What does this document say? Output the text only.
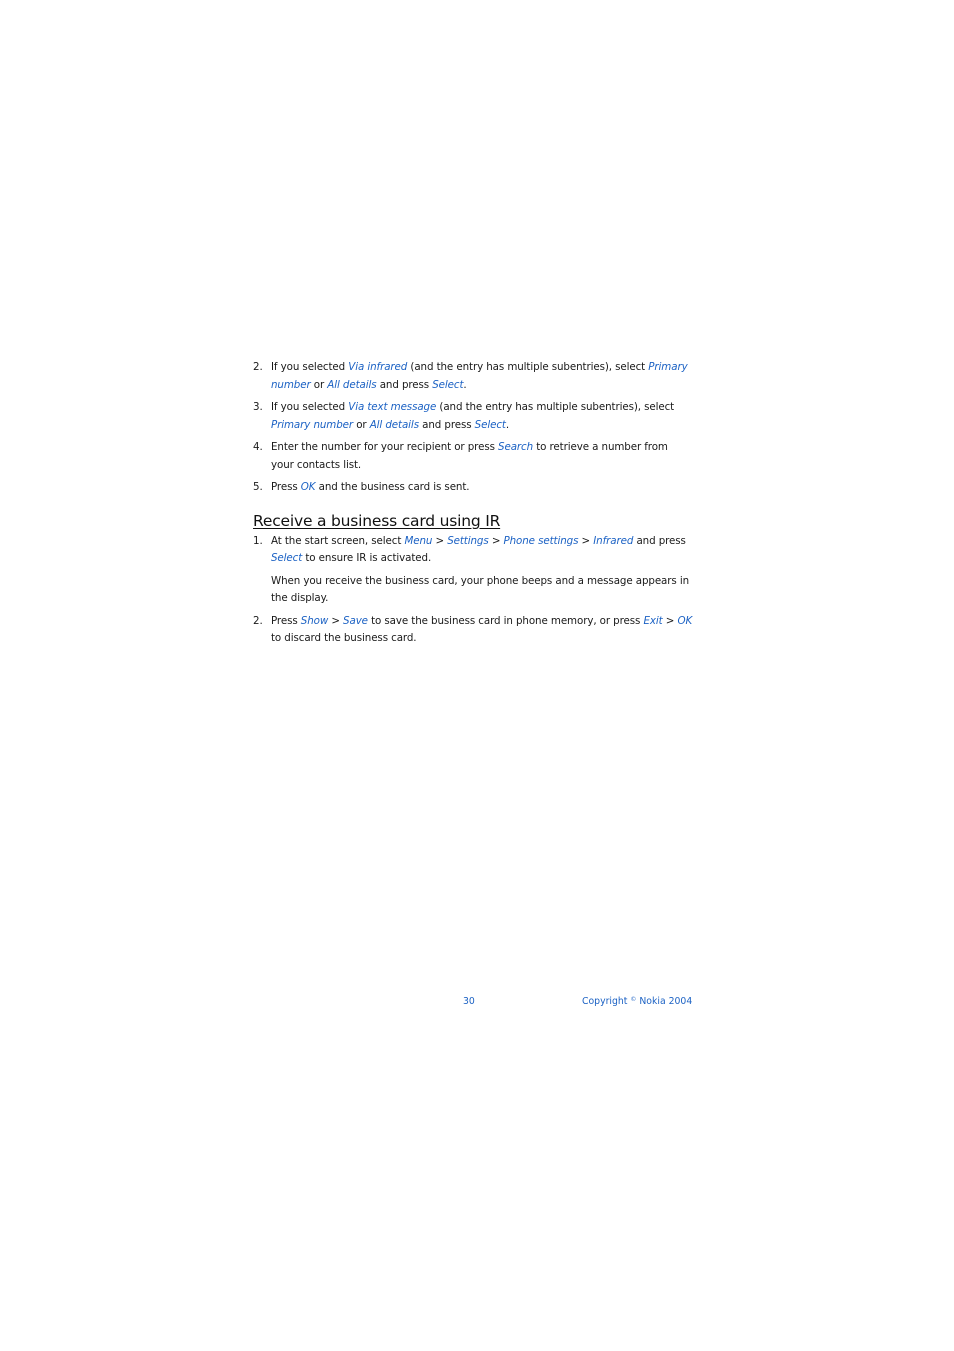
2. If you selected Via infrared (and the entry has multiple subentries), select Primary number or All details and press Select.
3. If you selected Via text message (and the entry has multiple subentries), select Primary number or All details and press Select.
4. Enter the number for your recipient or press Search to retrieve a number from your contacts list.
5. Press OK and the business card is sent.
Receive a business card using IR
1. At the start screen, select Menu > Settings > Phone settings > Infrared and press Select to ensure IR is activated.
When you receive the business card, your phone beeps and a message appears in the display.
2. Press Show > Save to save the business card in phone memory, or press Exit > OK to discard the business card.
30	Copyright © Nokia 2004
